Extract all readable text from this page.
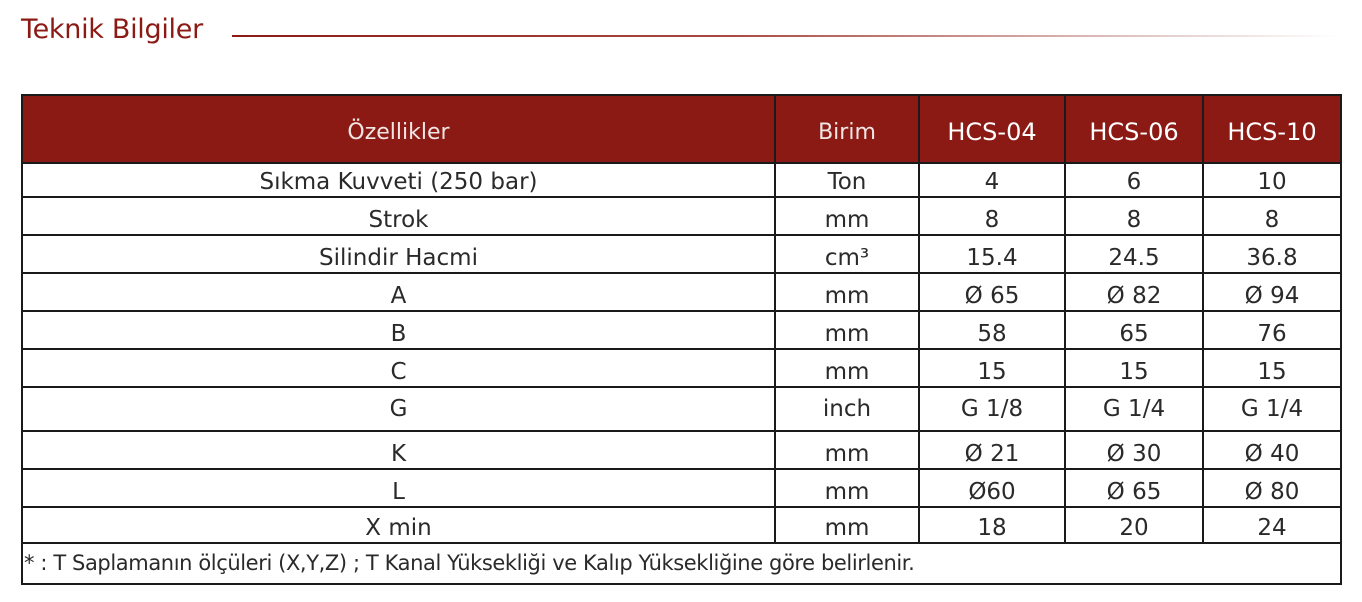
Teknik Bilgiler
Özellikler	Birim	HCS-04	HCS-06	HCS-10
Sıkma Kuvveti (250 bar)	Ton	4	6	10
Strok	mm	8	8	8
Silindir Hacmi	cm³	15.4	24.5	36.8
A	mm	Ø 65	Ø 82	Ø 94
B	mm	58	65	76
C	mm	15	15	15
G	inch	G 1/8	G 1/4	G 1/4
K	mm	Ø 21	Ø 30	Ø 40
L	mm	Ø60	Ø 65	Ø 80
X min	mm	18	20	24
* : T Saplamanın ölçüleri (X,Y,Z) ; T Kanal Yüksekliği ve Kalıp Yüksekliğine göre belirlenir.				
